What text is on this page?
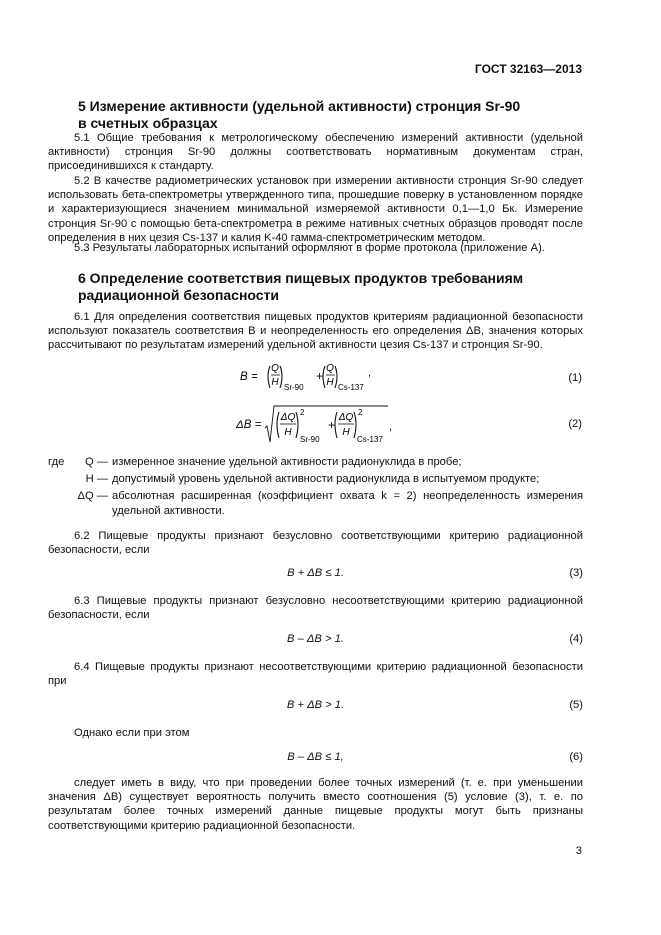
ГОСТ 32163—2013
5 Измерение активности (удельной активности) стронция Sr-90
в счетных образцах

5.1 Общие требования к метрологическому обеспечению измерений активности (удельной активности) стронция Sr-90 должны соответствовать нормативным документам стран, присоединившихся к стандарту.

5.2 В качестве радиометрических установок при измерении активности стронция Sr-90 следует использовать бета-спектрометры утвержденного типа, прошедшие поверку в установленном порядке и характеризующиеся значением минимальной измеряемой активности 0,1—1,0 Бк. Измерение стронция Sr-90 с помощью бета-спектрометра в режиме нативных счетных образцов проводят после определения в них цезия Cs-137 и калия K-40 гамма-спектрометрическим методом.

5.3 Результаты лабораторных испытаний оформляют в форме протокола (приложение А).

6 Определение соответствия пищевых продуктов требованиям
радиационной безопасности

6.1 Для определения соответствия пищевых продуктов критериям радиационной безопасности используют показатель соответствия B и неопределенность его определения ΔB, значения которых рассчитывают по результатам измерений удельной активности цезия Cs-137 и стронция Sr-90.

B =
Q
H Sr-90
+
Q
H Cs-137
,	(1)
ΔB =
ΔQ
H
2
Sr-90
+
ΔQ
H
2
Cs-137
,	(2)
где	Q — измеренное значение удельной активности радионуклида в пробе;
H — допустимый уровень удельной активности радионуклида в испытуемом продукте;
ΔQ — абсолютная расширенная (коэффициент охвата k = 2) неопределенность измерения удельной активности.

6.2 Пищевые продукты признают безусловно соответствующими критерию радиационной безопасности, если

B + ΔB ≤ 1.	(3)

6.3 Пищевые продукты признают безусловно несоответствующими критерию радиационной безопасности, если

B – ΔB > 1.	(4)

6.4 Пищевые продукты признают несоответствующими критерию радиационной безопасности при

B + ΔB > 1.	(5)

Однако если при этом

B – ΔB ≤ 1,	(6)

следует иметь в виду, что при проведении более точных измерений (т. е. при уменьшении значения ΔB) существует вероятность получить вместо соотношения (5) условие (3), т. е. по результатам более точных измерений данные пищевые продукты могут быть признаны соответствующими критерию радиационной безопасности.

3
